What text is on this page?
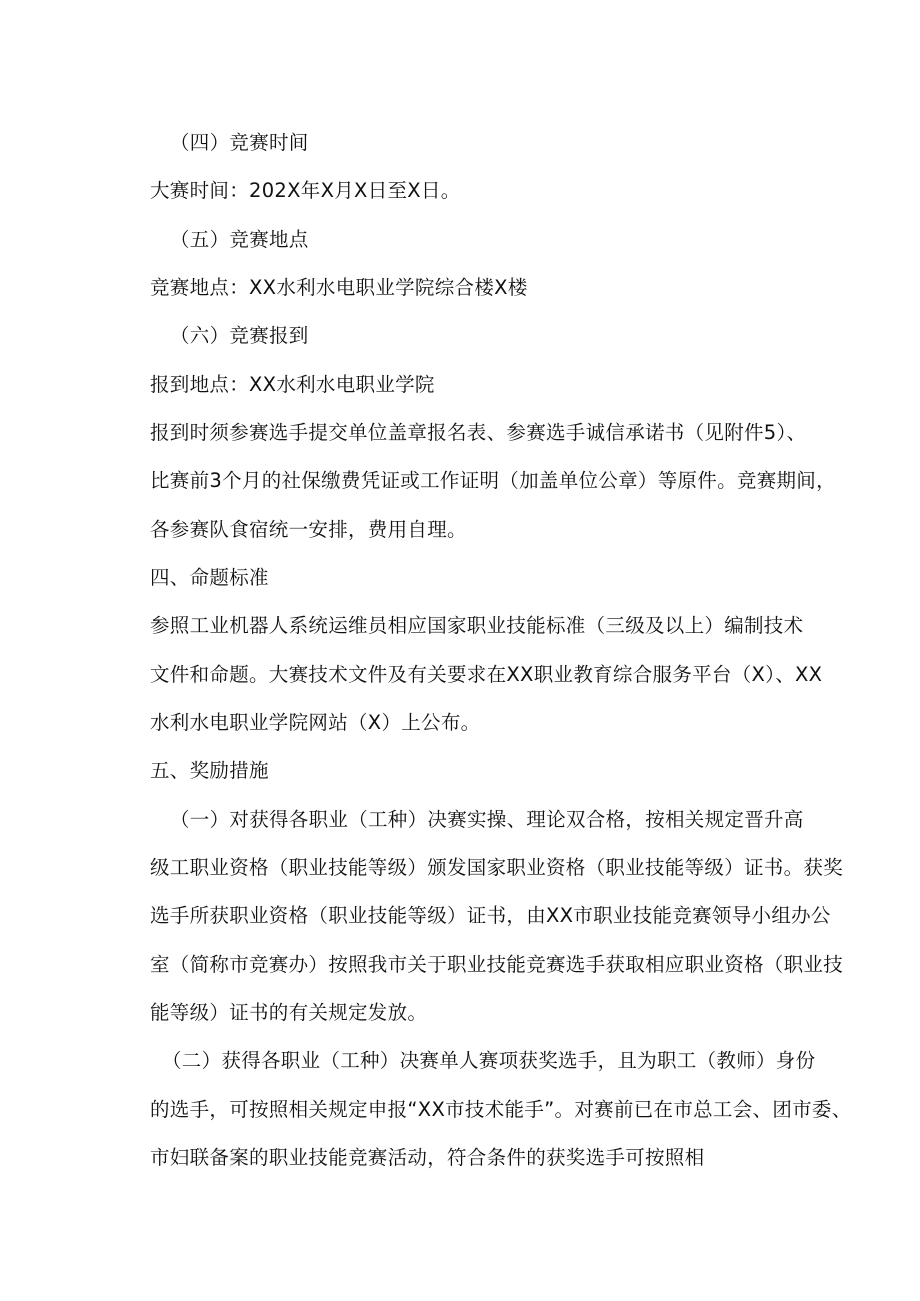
（四）竞赛时间
大赛时间：202X年X月X日至X日。
（五）竞赛地点
竞赛地点：XX水利水电职业学院综合楼X楼
（六）竞赛报到
报到地点：XX水利水电职业学院
报到时须参赛选手提交单位盖章报名表、参赛选手诚信承诺书（见附件5）、
比赛前3个月的社保缴费凭证或工作证明（加盖单位公章）等原件。竞赛期间，
各参赛队食宿统一安排，费用自理。
四、命题标准
参照工业机器人系统运维员相应国家职业技能标准（三级及以上）编制技术
文件和命题。大赛技术文件及有关要求在XX职业教育综合服务平台（X）、XX
水利水电职业学院网站（X）上公布。
五、奖励措施
（一）对获得各职业（工种）决赛实操、理论双合格，按相关规定晋升高
级工职业资格（职业技能等级）颁发国家职业资格（职业技能等级）证书。获奖
选手所获职业资格（职业技能等级）证书，由XX市职业技能竞赛领导小组办公
室（简称市竞赛办）按照我市关于职业技能竞赛选手获取相应职业资格（职业技
能等级）证书的有关规定发放。
（二）获得各职业（工种）决赛单人赛项获奖选手，且为职工（教师）身份
的选手，可按照相关规定申报“XX市技术能手”。对赛前已在市总工会、团市委、
市妇联备案的职业技能竞赛活动，符合条件的获奖选手可按照相
